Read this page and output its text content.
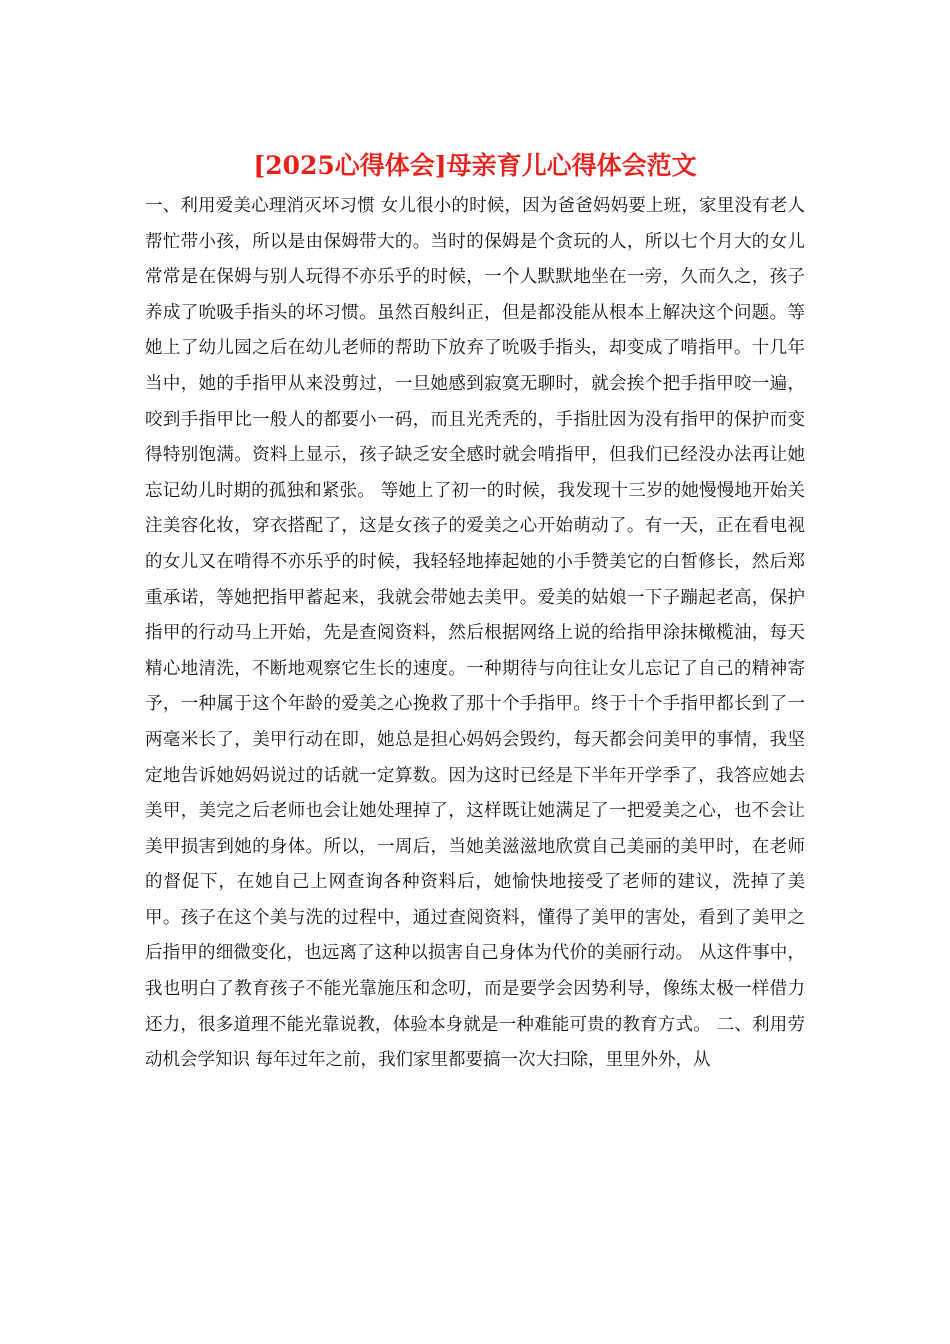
[2025心得体会]母亲育儿心得体会范文

一、利用爱美心理消灭坏习惯 女儿很小的时候，因为爸爸妈妈要上班，家里没有老人帮忙带小孩，所以是由保姆带大的。当时的保姆是个贪玩的人，所以七个月大的女儿常常是在保姆与别人玩得不亦乐乎的时候，一个人默默地坐在一旁，久而久之，孩子养成了吮吸手指头的坏习惯。虽然百般纠正，但是都没能从根本上解决这个问题。等她上了幼儿园之后在幼儿老师的帮助下放弃了吮吸手指头，却变成了啃指甲。十几年当中，她的手指甲从来没剪过，一旦她感到寂寞无聊时，就会挨个把手指甲咬一遍，咬到手指甲比一般人的都要小一码，而且光秃秃的，手指肚因为没有指甲的保护而变得特别饱满。资料上显示，孩子缺乏安全感时就会啃指甲，但我们已经没办法再让她忘记幼儿时期的孤独和紧张。 等她上了初一的时候，我发现十三岁的她慢慢地开始关注美容化妆，穿衣搭配了，这是女孩子的爱美之心开始萌动了。有一天，正在看电视的女儿又在啃得不亦乐乎的时候，我轻轻地捧起她的小手赞美它的白皙修长，然后郑重承诺，等她把指甲蓄起来，我就会带她去美甲。爱美的姑娘一下子蹦起老高，保护指甲的行动马上开始，先是查阅资料，然后根据网络上说的给指甲涂抹橄榄油，每天精心地清洗，不断地观察它生长的速度。一种期待与向往让女儿忘记了自己的精神寄予，一种属于这个年龄的爱美之心挽救了那十个手指甲。终于十个手指甲都长到了一两毫米长了，美甲行动在即，她总是担心妈妈会毁约，每天都会问美甲的事情，我坚定地告诉她妈妈说过的话就一定算数。因为这时已经是下半年开学季了，我答应她去美甲，美完之后老师也会让她处理掉了，这样既让她满足了一把爱美之心，也不会让美甲损害到她的身体。所以，一周后，当她美滋滋地欣赏自己美丽的美甲时，在老师的督促下，在她自己上网查询各种资料后，她愉快地接受了老师的建议，洗掉了美甲。孩子在这个美与洗的过程中，通过查阅资料，懂得了美甲的害处，看到了美甲之后指甲的细微变化，也远离了这种以损害自己身体为代价的美丽行动。 从这件事中，我也明白了教育孩子不能光靠施压和念叨，而是要学会因势利导，像练太极一样借力还力，很多道理不能光靠说教，体验本身就是一种难能可贵的教育方式。 二、利用劳动机会学知识 每年过年之前，我们家里都要搞一次大扫除，里里外外，从
